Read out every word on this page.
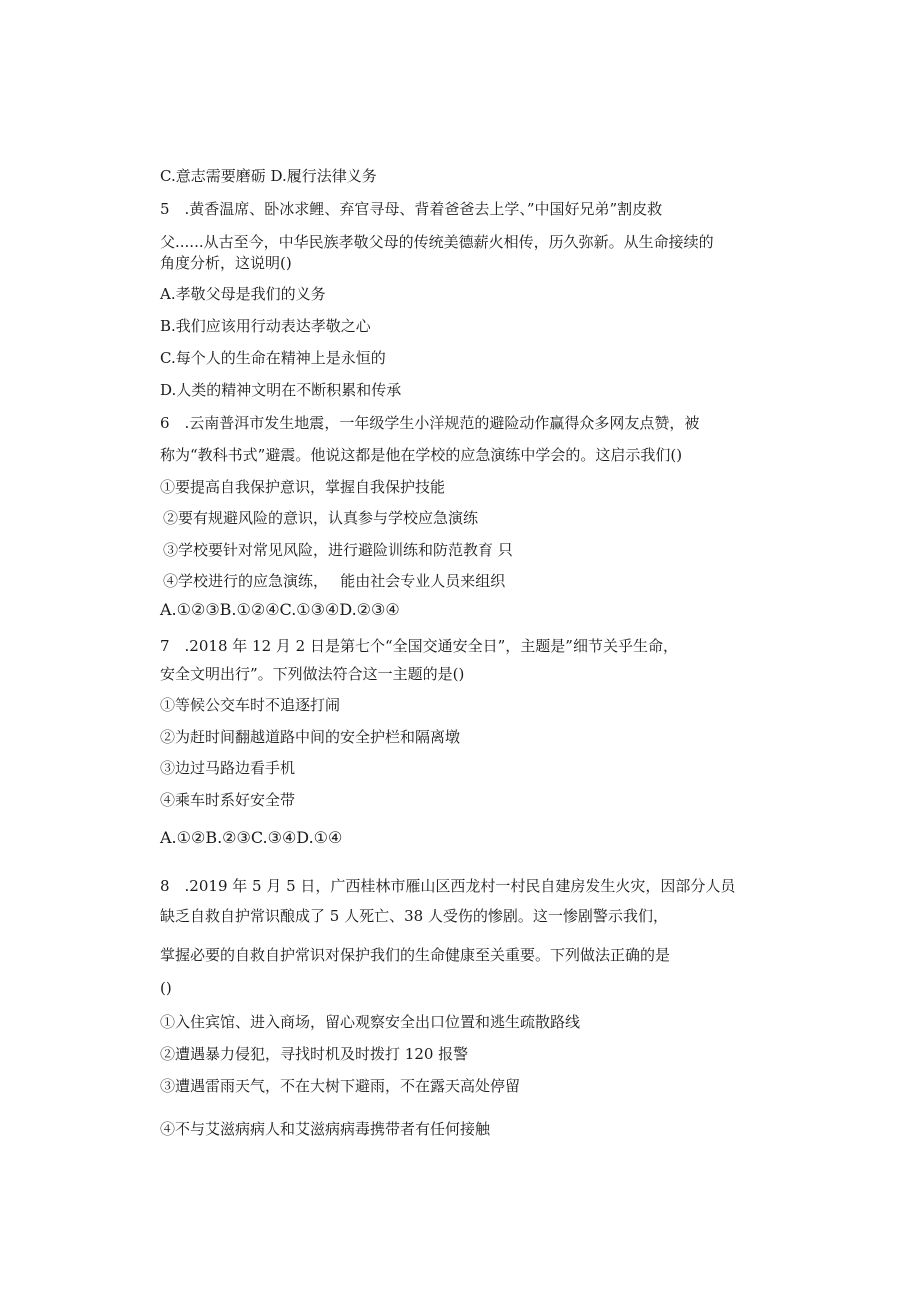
C.意志需要磨砺 D.履行法律义务
5　.黄香温席、卧冰求鲤、弃官寻母、背着爸爸去上学、”中国好兄弟”割皮救
父......从古至今，中华民族孝敬父母的传统美德薪火相传，历久弥新。从生命接续的
角度分析，这说明()
A.孝敬父母是我们的义务
B.我们应该用行动表达孝敬之心
C.每个人的生命在精神上是永恒的
D.人类的精神文明在不断积累和传承
6　.云南普洱市发生地震，一年级学生小洋规范的避险动作赢得众多网友点赞，被
称为“教科书式”避震。他说这都是他在学校的应急演练中学会的。这启示我们()
①要提高自我保护意识，掌握自我保护技能
②要有规避风险的意识，认真参与学校应急演练
③学校要针对常见风险，进行避险训练和防范教育 只
④学校进行的应急演练，　 能由社会专业人员来组织
A.①②③B.①②④C.①③④D.②③④
7　.2018 年 12 月 2 日是第七个“全国交通安全日”，主题是”细节关乎生命，
安全文明出行”。下列做法符合这一主题的是()
①等候公交车时不追逐打闹
②为赶时间翻越道路中间的安全护栏和隔离墩
③边过马路边看手机
④乘车时系好安全带
A.①②B.②③C.③④D.①④
8　.2019 年 5 月 5 日，广西桂林市雁山区西龙村一村民自建房发生火灾，因部分人员
缺乏自救自护常识酿成了 5 人死亡、38 人受伤的惨剧。这一惨剧警示我们，
掌握必要的自救自护常识对保护我们的生命健康至关重要。下列做法正确的是
()
①入住宾馆、进入商场，留心观察安全出口位置和逃生疏散路线
②遭遇暴力侵犯，寻找时机及时拨打 120 报警
③遭遇雷雨天气，不在大树下避雨，不在露天高处停留
④不与艾滋病病人和艾滋病病毒携带者有任何接触
